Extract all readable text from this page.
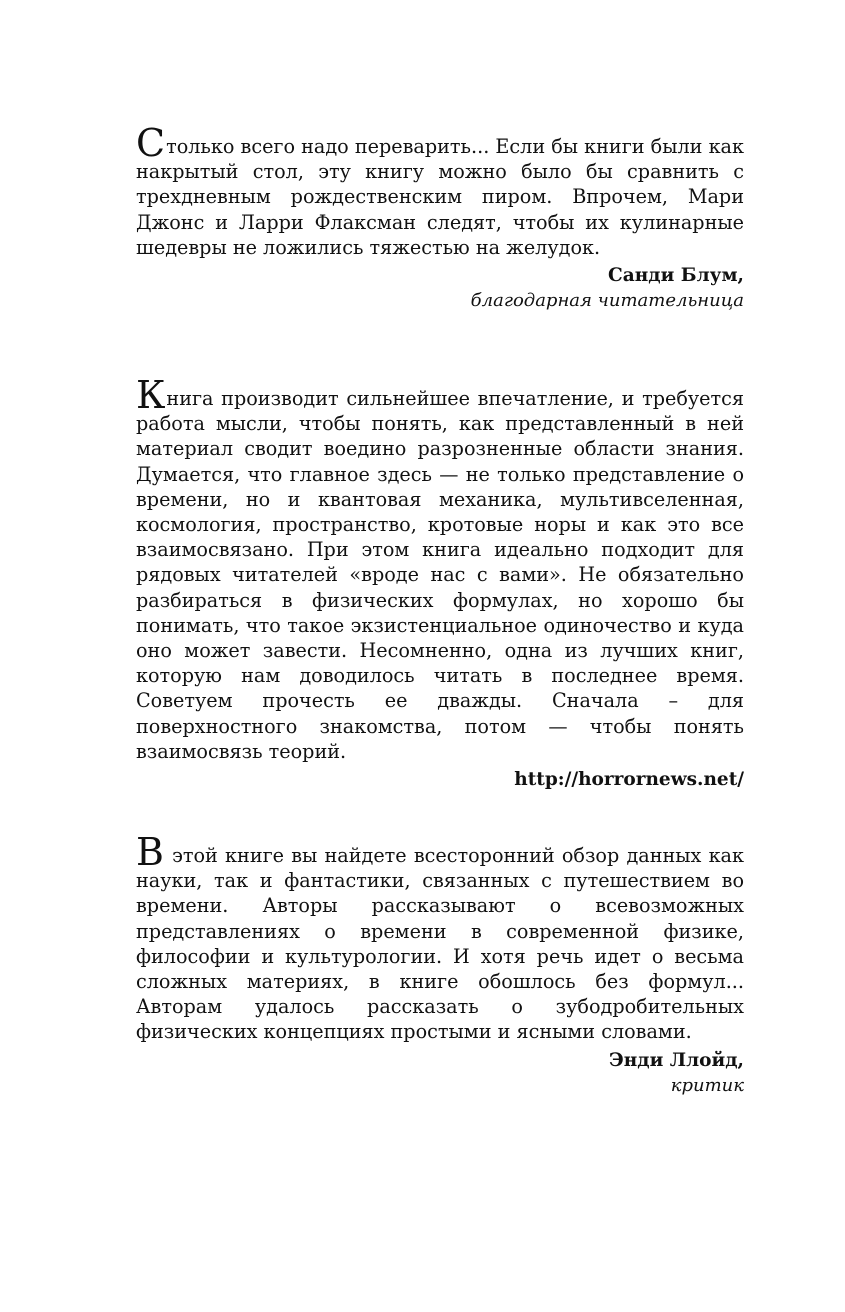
Столько всего надо переварить... Если бы книги были как накрытый стол, эту книгу можно было бы сравнить с трехдневным рождественским пиром. Впрочем, Мари Джонс и Ларри Флаксман следят, чтобы их кулинарные шедевры не ложились тяжестью на желудок.

Санди Блум,
благодарная читательница

Книга производит сильнейшее впечатление, и требуется работа мысли, чтобы понять, как представленный в ней материал сводит воедино разрозненные области знания. Думается, что главное здесь — не только представление о времени, но и квантовая механика, мультивселенная, космология, пространство, кротовые норы и как это все взаимосвязано. При этом книга идеально подходит для рядовых читателей «вроде нас с вами». Не обязательно разбираться в физических формулах, но хорошо бы понимать, что такое экзистенциальное одиночество и куда оно может завести. Несомненно, одна из лучших книг, которую нам доводилось читать в последнее время. Советуем прочесть ее дважды. Сначала – для поверхностного знакомства, потом — чтобы понять взаимосвязь теорий.

http://horrornews.net/

В этой книге вы найдете всесторонний обзор данных как науки, так и фантастики, связанных с путешествием во времени. Авторы рассказывают о всевозможных представлениях о времени в современной физике, философии и культурологии. И хотя речь идет о весьма сложных материях, в книге обошлось без формул... Авторам удалось рассказать о зубодробительных физических концепциях простыми и ясными словами.

Энди Ллойд,
критик
